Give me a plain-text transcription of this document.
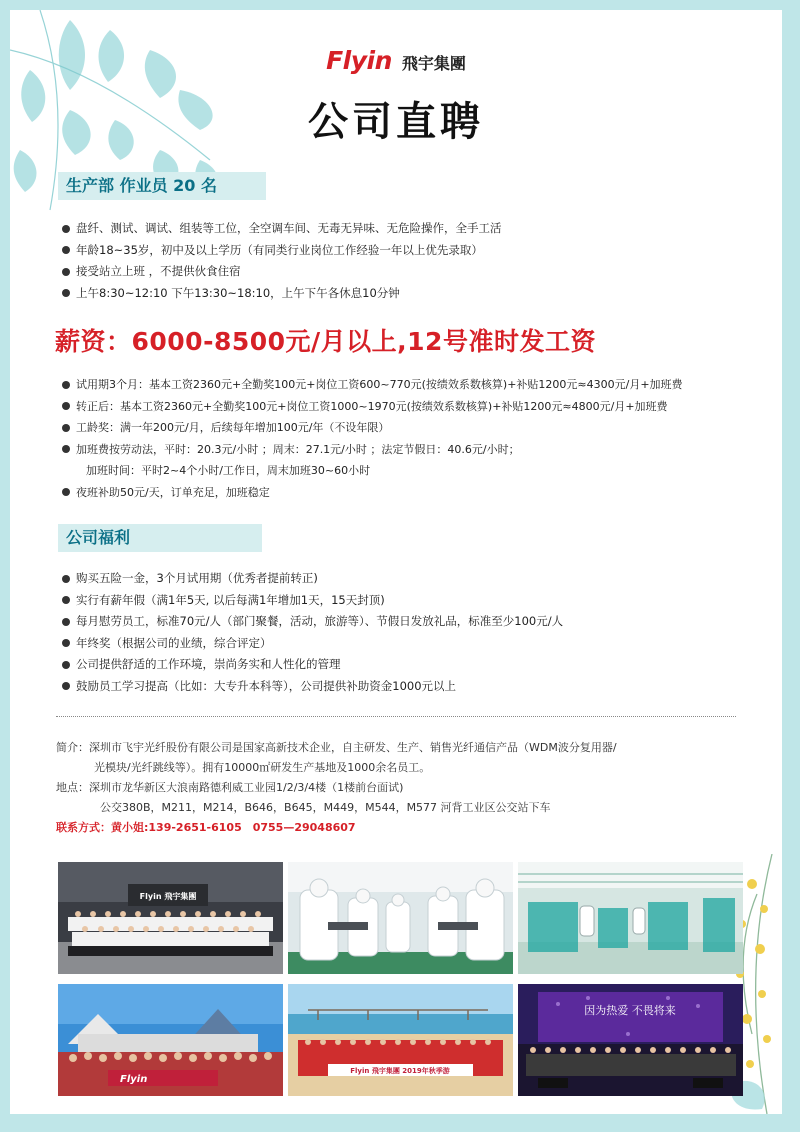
Flyin 飛宇集團
公司直聘
生产部 作业员 20 名
盘纤、测试、调试、组装等工位，全空调车间、无毒无异味、无危险操作，全手工活
年龄18~35岁，初中及以上学历（有同类行业岗位工作经验一年以上优先录取）
接受站立上班 ，不提供伙食住宿
上午8:30~12:10 下午13:30~18:10，上午下午各休息10分钟
薪资：6000-8500元/月以上,12号准时发工资
试用期3个月：基本工资2360元+全勤奖100元+岗位工资600~770元(按绩效系数核算)+补贴1200元≈4300元/月+加班费
转正后：基本工资2360元+全勤奖100元+岗位工资1000~1970元(按绩效系数核算)+补贴1200元≈4800元/月+加班费
工龄奖：满一年200元/月，后续每年增加100元/年（不设年限）
加班费按劳动法，平时：20.3元/小时 ；周末：27.1元/小时 ；法定节假日：40.6元/小时；
加班时间：平时2~4个小时/工作日，周末加班30~60小时
夜班补助50元/天，订单充足，加班稳定
公司福利
购买五险一金，3个月试用期（优秀者提前转正)
实行有薪年假（满1年5天, 以后每满1年增加1天，15天封顶)
每月慰劳员工，标准70元/人（部门聚餐，活动，旅游等）、节假日发放礼品，标准至少100元/人
年终奖（根据公司的业绩，综合评定）
公司提供舒适的工作环境，崇尚务实和人性化的管理
鼓励员工学习提高（比如：大专升本科等），公司提供补助资金1000元以上
简介：深圳市飞宇光纤股份有限公司是国家高新技术企业，自主研发、生产、销售光纤通信产品（WDM波分复用器/
光模块/光纤跳线等）。拥有10000㎡研发生产基地及1000余名员工。
地点：深圳市龙华新区大浪南路德利威工业园1/2/3/4楼（1楼前台面试)
公交380B，M211，M214，B646，B645，M449，M544，M577 河背工业区公交站下车
联系方式：黄小姐:139-2651-6105　0755—29048607
Flyin 飛宇集團
Flyin
Flyin 飛宇集團 2019年秋季游
因为热爱 不畏将来
